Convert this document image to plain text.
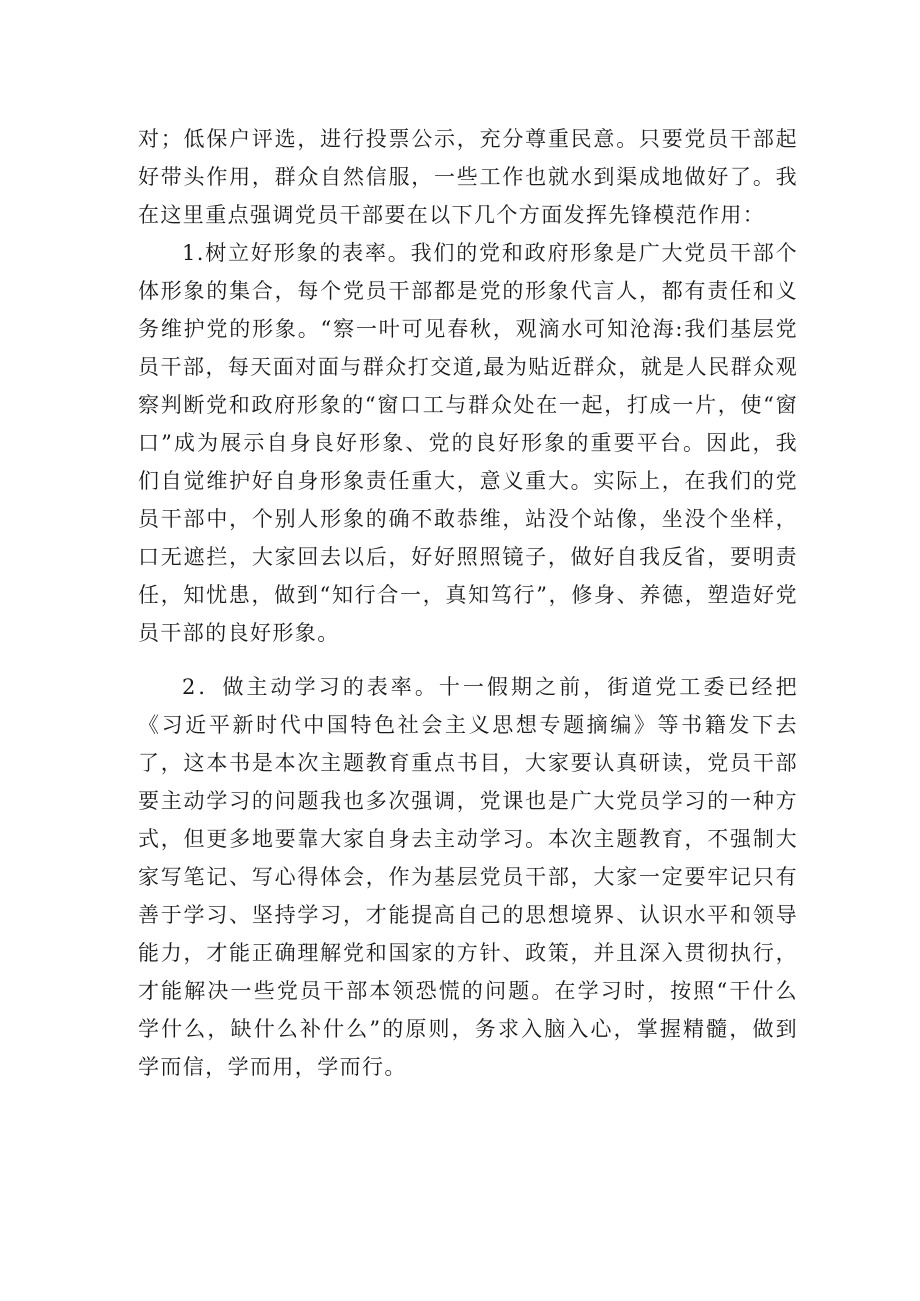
对；低保户评选，进行投票公示，充分尊重民意。只要党员干部起好带头作用，群众自然信服，一些工作也就水到渠成地做好了。我在这里重点强调党员干部要在以下几个方面发挥先锋模范作用：

1.树立好形象的表率。我们的党和政府形象是广大党员干部个体形象的集合，每个党员干部都是党的形象代言人，都有责任和义务维护党的形象。“察一叶可见春秋，观滴水可知沧海:我们基层党员干部，每天面对面与群众打交道,最为贴近群众，就是人民群众观察判断党和政府形象的“窗口工与群众处在一起，打成一片，使“窗口”成为展示自身良好形象、党的良好形象的重要平台。因此，我们自觉维护好自身形象责任重大，意义重大。实际上，在我们的党员干部中，个别人形象的确不敢恭维，站没个站像，坐没个坐样，口无遮拦，大家回去以后，好好照照镜子，做好自我反省，要明责任，知忧患，做到“知行合一，真知笃行”，修身、养德，塑造好党员干部的良好形象。

2．做主动学习的表率。十一假期之前，街道党工委已经把《习近平新时代中国特色社会主义思想专题摘编》等书籍发下去了，这本书是本次主题教育重点书目，大家要认真研读，党员干部要主动学习的问题我也多次强调，党课也是广大党员学习的一种方式，但更多地要靠大家自身去主动学习。本次主题教育，不强制大家写笔记、写心得体会，作为基层党员干部，大家一定要牢记只有善于学习、坚持学习，才能提高自己的思想境界、认识水平和领导能力，才能正确理解党和国家的方针、政策，并且深入贯彻执行，才能解决一些党员干部本领恐慌的问题。在学习时，按照“干什么学什么，缺什么补什么”的原则，务求入脑入心，掌握精髓，做到学而信，学而用，学而行。
